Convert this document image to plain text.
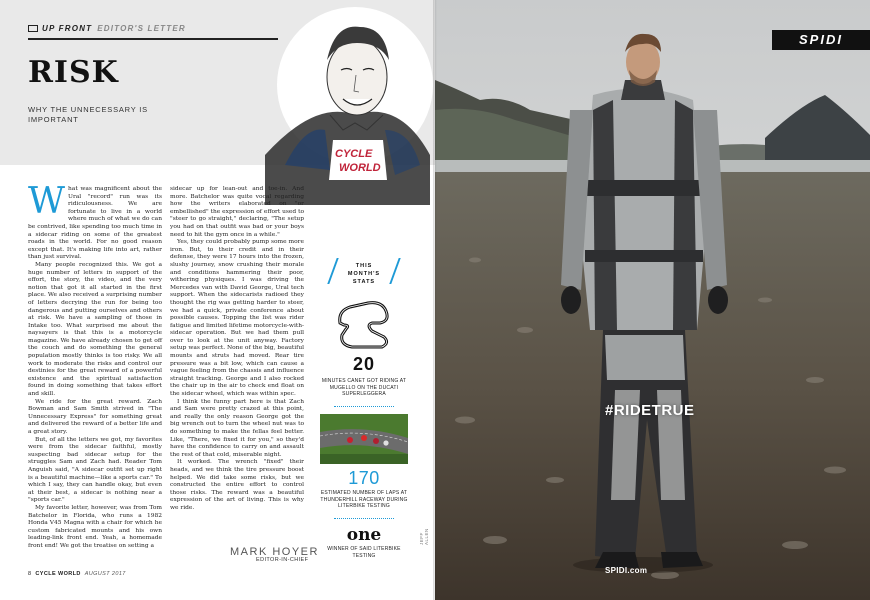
UP FRONT EDITOR'S LETTER
RISK
WHY THE UNNECESSARY IS IMPORTANT
CYCLE
WORLD
W hat was magnificent about the Ural "record" run was its ridiculousness. We are fortunate to live in a world where much of what we do can be contrived, like spending too much time in a sidecar riding on some of the greatest roads in the world. For no good reason except that. It's making life into art, rather than just survival.

Many people recognized this. We got a huge number of letters in support of the effort, the story, the video, and the very notion that got it all started in the first place. We also received a surprising number of letters decrying the run for being too dangerous and putting ourselves and others at risk. We have a sampling of those in Intake too. What surprised me about the naysayers is that this is a motorcycle magazine. We have already chosen to get off the couch and do something the general population mostly thinks is too risky. We all work to moderate the risks and control our destinies for the great reward of a powerful existence and the spiritual satisfaction found in doing something that takes effort and skill.

We ride for the great reward. Zach Bowman and Sam Smith strived in "The Unnecessary Express" for something great and delivered the reward of a better life and a great story.

But, of all the letters we got, my favorites were from the sidecar faithful, mostly suspecting bad sidecar setup for the struggles Sam and Zach had. Reader Tom Anguish said, "A sidecar outfit set up right is a beautiful machine—like a sports car." To which I say, they can handle okay, but even at their best, a sidecar is nothing near a "sports car."

My favorite letter, however, was from Tom Batchelor in Florida, who runs a 1982 Honda V45 Magna with a chair for which he custom fabricated mounts and his own leading-link front end. Yeah, a homemade front end! We got the treatise on setting a

sidecar up for lean-out and toe-in. And more. Batchelor was quite vocal regarding how the writers elaborated on "or embellished" the expression of effort used to "steer to go straight," declaring, "The setup you had on that outfit was bad or your boys need to hit the gym once in a while."

Yes, they could probably pump some more iron. But, to their credit and in their defense, they were 17 hours into the frozen, slushy journey, snow crushing their morale and conditions hammering their poor, withering physiques. I was driving the Mercedes van with David George, Ural tech support. When the sidecarists radioed they thought the rig was getting harder to steer, we had a quick, private conference about possible causes. Topping the list was rider fatigue and limited lifetime motorcycle-with-sidecar operation. But we had them pull over to look at the unit anyway. Factory setup was perfect. None of the big, beautiful mounts and struts had moved. Rear tire pressure was a bit low, which can cause a vague feeling from the chassis and influence straight tracking. George and I also rocked the chair up in the air to check end float on the sidecar wheel, which was within spec.

I think the funny part here is that Zach and Sam were pretty crazed at this point, and really the only reason George got the big wrench out to turn the wheel nut was to do something to make the fellas feel better. Like, "There, we fixed it for you," so they'd have the confidence to carry on and assault the rest of that cold, miserable night.

It worked. The wrench "fixed" their heads, and we think the tire pressure boost helped. We did take some risks, but we constructed the entire effort to control those risks. The reward was a beautiful expression of the art of living. This is why we ride.

MARK HOYER
EDITOR-IN-CHIEF
THIS MONTH'S STATS
20
MINUTES CANET GOT RIDING AT MUGELLO ON THE DUCATI SUPERLEGGERA
170
ESTIMATED NUMBER OF LAPS AT THUNDERHILL RACEWAY DURING LITERBIKE TESTING
one
WINNER OF SAID LITERBIKE TESTING
JEFF ALLEN
8 CYCLE WORLD AUGUST 2017
SPIDI
#RIDETRUE
SPIDI.com
